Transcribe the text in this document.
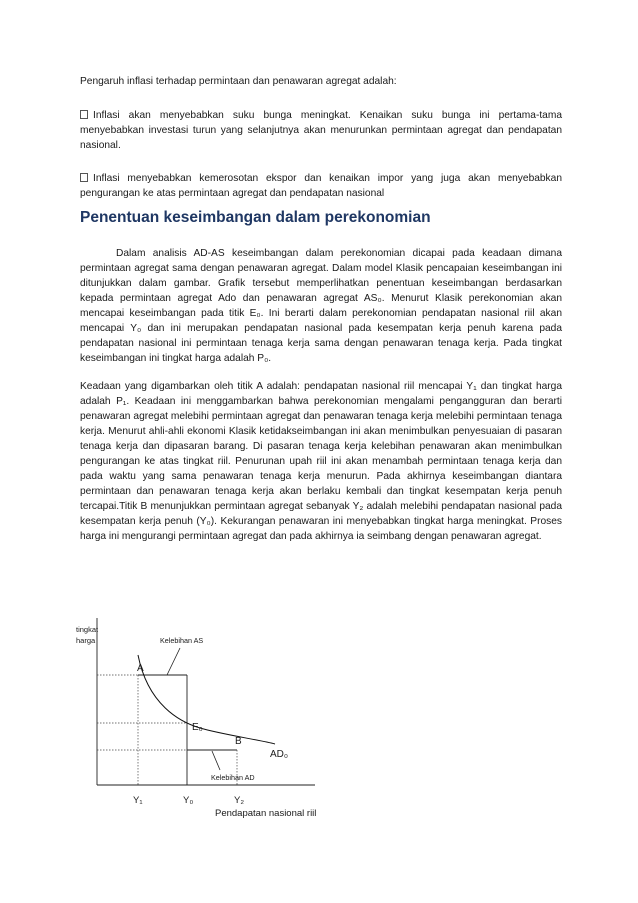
Pengaruh inflasi terhadap permintaan dan penawaran agregat adalah:

Inflasi akan menyebabkan suku bunga meningkat. Kenaikan suku bunga ini pertama-tama menyebabkan investasi turun yang selanjutnya akan menurunkan permintaan agregat dan pendapatan nasional.

Inflasi menyebabkan kemerosotan ekspor dan kenaikan impor yang juga akan menyebabkan pengurangan ke atas permintaan agregat dan pendapatan nasional

Penentuan keseimbangan dalam perekonomian

Dalam analisis AD-AS keseimbangan dalam perekonomian dicapai pada keadaan dimana permintaan agregat sama dengan penawaran agregat. Dalam model Klasik pencapaian keseimbangan ini ditunjukkan dalam gambar. Grafik tersebut memperlihatkan penentuan keseimbangan berdasarkan kepada permintaan agregat Ado dan penawaran agregat AS₀. Menurut Klasik perekonomian akan mencapai keseimbangan pada titik E₀. Ini berarti dalam perekonomian pendapatan nasional riil akan mencapai Y₀ dan ini merupakan pendapatan nasional pada kesempatan kerja penuh karena pada pendapatan nasional ini permintaan tenaga kerja sama dengan penawaran tenaga kerja. Pada tingkat keseimbangan ini tingkat harga adalah P₀.

Keadaan yang digambarkan oleh titik A adalah: pendapatan nasional riil mencapai Y₁ dan tingkat harga adalah P₁. Keadaan ini menggambarkan bahwa perekonomian mengalami pengangguran dan berarti penawaran agregat melebihi permintaan agregat dan penawaran tenaga kerja melebihi permintaan tenaga kerja. Menurut ahli-ahli ekonomi Klasik ketidakseimbangan ini akan menimbulkan penyesuaian di pasaran tenaga kerja dan dipasaran barang. Di pasaran tenaga kerja kelebihan penawaran akan menimbulkan pengurangan ke atas tingkat riil. Penurunan upah riil ini akan menambah permintaan tenaga kerja dan pada waktu yang sama penawaran tenaga kerja menurun. Pada akhirnya keseimbangan diantara permintaan dan penawaran tenaga kerja akan berlaku kembali dan tingkat kesempatan kerja penuh tercapai.Titik B menunjukkan permintaan agregat sebanyak Y₂ adalah melebihi pendapatan nasional pada kesempatan kerja penuh (Y₀). Kekurangan penawaran ini menyebabkan tingkat harga meningkat. Proses harga ini mengurangi permintaan agregat dan pada akhirnya ia seimbang dengan penawaran agregat.

tingkat
harga	Kelebihan AS
A
E₀
B
AD₀
Kelebihan AD
Y₁	Y₀	Y₂
Pendapatan nasional riil
